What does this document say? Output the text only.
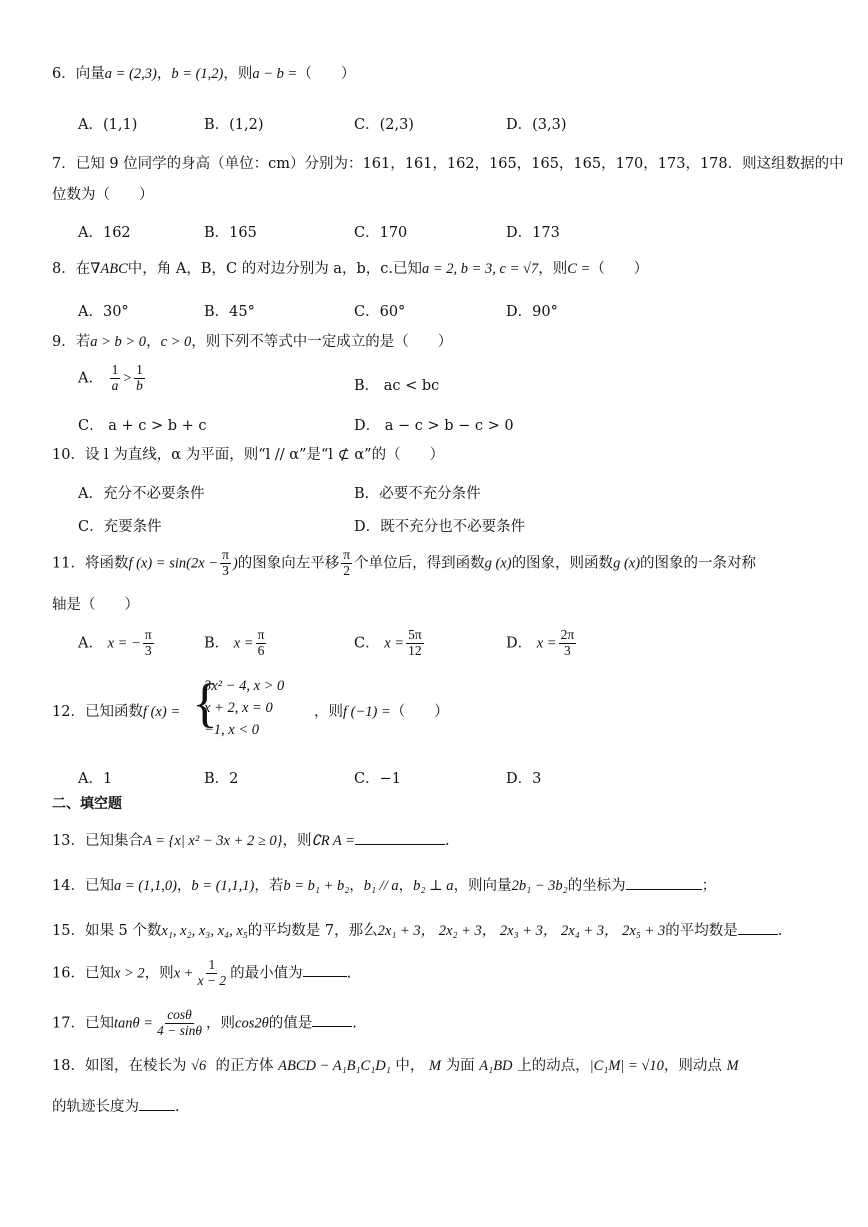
6．向量a = (2,3)，b = (1,2)，则a − b =（　　）
A．(1,1)	B．(1,2)	C．(2,3)	D．(3,3)
7．已知 9 位同学的身高（单位：cm）分别为：161，161，162，165，165，165，170，173，178．则这组数据的中
位数为（　　）
A．162	B．165	C．170	D．173
8．在∇ABC中，角 A，B，C 的对边分别为 a，b，c.已知a = 2, b = 3, c = √7，则C =（　　）
A．30°	B．45°	C．60°	D．90°
9．若a > b > 0，c > 0，则下列不等式中一定成立的是（　　）
A． $\frac{1}{a} > \frac{1}{b}$	B． ac < bc
C． a + c > b + c	D． a − c > b − c > 0
10．设 l 为直线，α 为平面，则“l // α”是“l ⊄ α”的（　　）
A．充分不必要条件	B．必要不充分条件
C．充要条件	D．既不充分也不必要条件
11．将函数f $(x) = \sin(2x - \frac{\pi}{3}$ )的图象向左平移 $\frac{\pi}{2}$ 个单位后，得到函数g (x)的图象，则函数g (x)的图象的一条对称
轴是（　　）
A． x = − $\frac{\pi}{3}$	B． $x = \frac{\pi}{6}$	C． $x = \frac{5\pi}{12}$	D． $x = \frac{2\pi}{3}$
12．已知函数f (x) = {
3x² − 4, x > 0
x + 2, x = 0
−1, x < 0
，则f (−1) =（　　）
A．1	B．2	C．−1	D．3
二、填空题
13．已知集合A = {x| x² − 3x + 2 ≥ 0}，则∁R A =	.
14．已知a = (1,1,0)，b = (1,1,1)，若b = b₁ + b₂，b₁ // a，b₂ ⊥ a，则向量2b₁ − 3b₂的坐标为	；
15．如果 5 个数x₁, x₂, x₃, x₄, x₅的平均数是 7，那么2x₁ + 3， 2x₂ + 3， 2x₃ + 3， 2x₄ + 3， 2x₅ + 3的平均数是	.
16．已知x > 2，则$x + \frac{1}{x - 2}$ 的最小值为	.
17．已知$\tan\theta = \frac{\cos\theta}{4 - \sin\theta}$ ，则cos2θ的值是	.
18．如图，在棱长为 √6 的正方体 ABCD − A₁B₁C₁D₁ 中， M 为面 A₁BD 上的动点，|C₁M| = √10，则动点 M
的轨迹长度为 .
